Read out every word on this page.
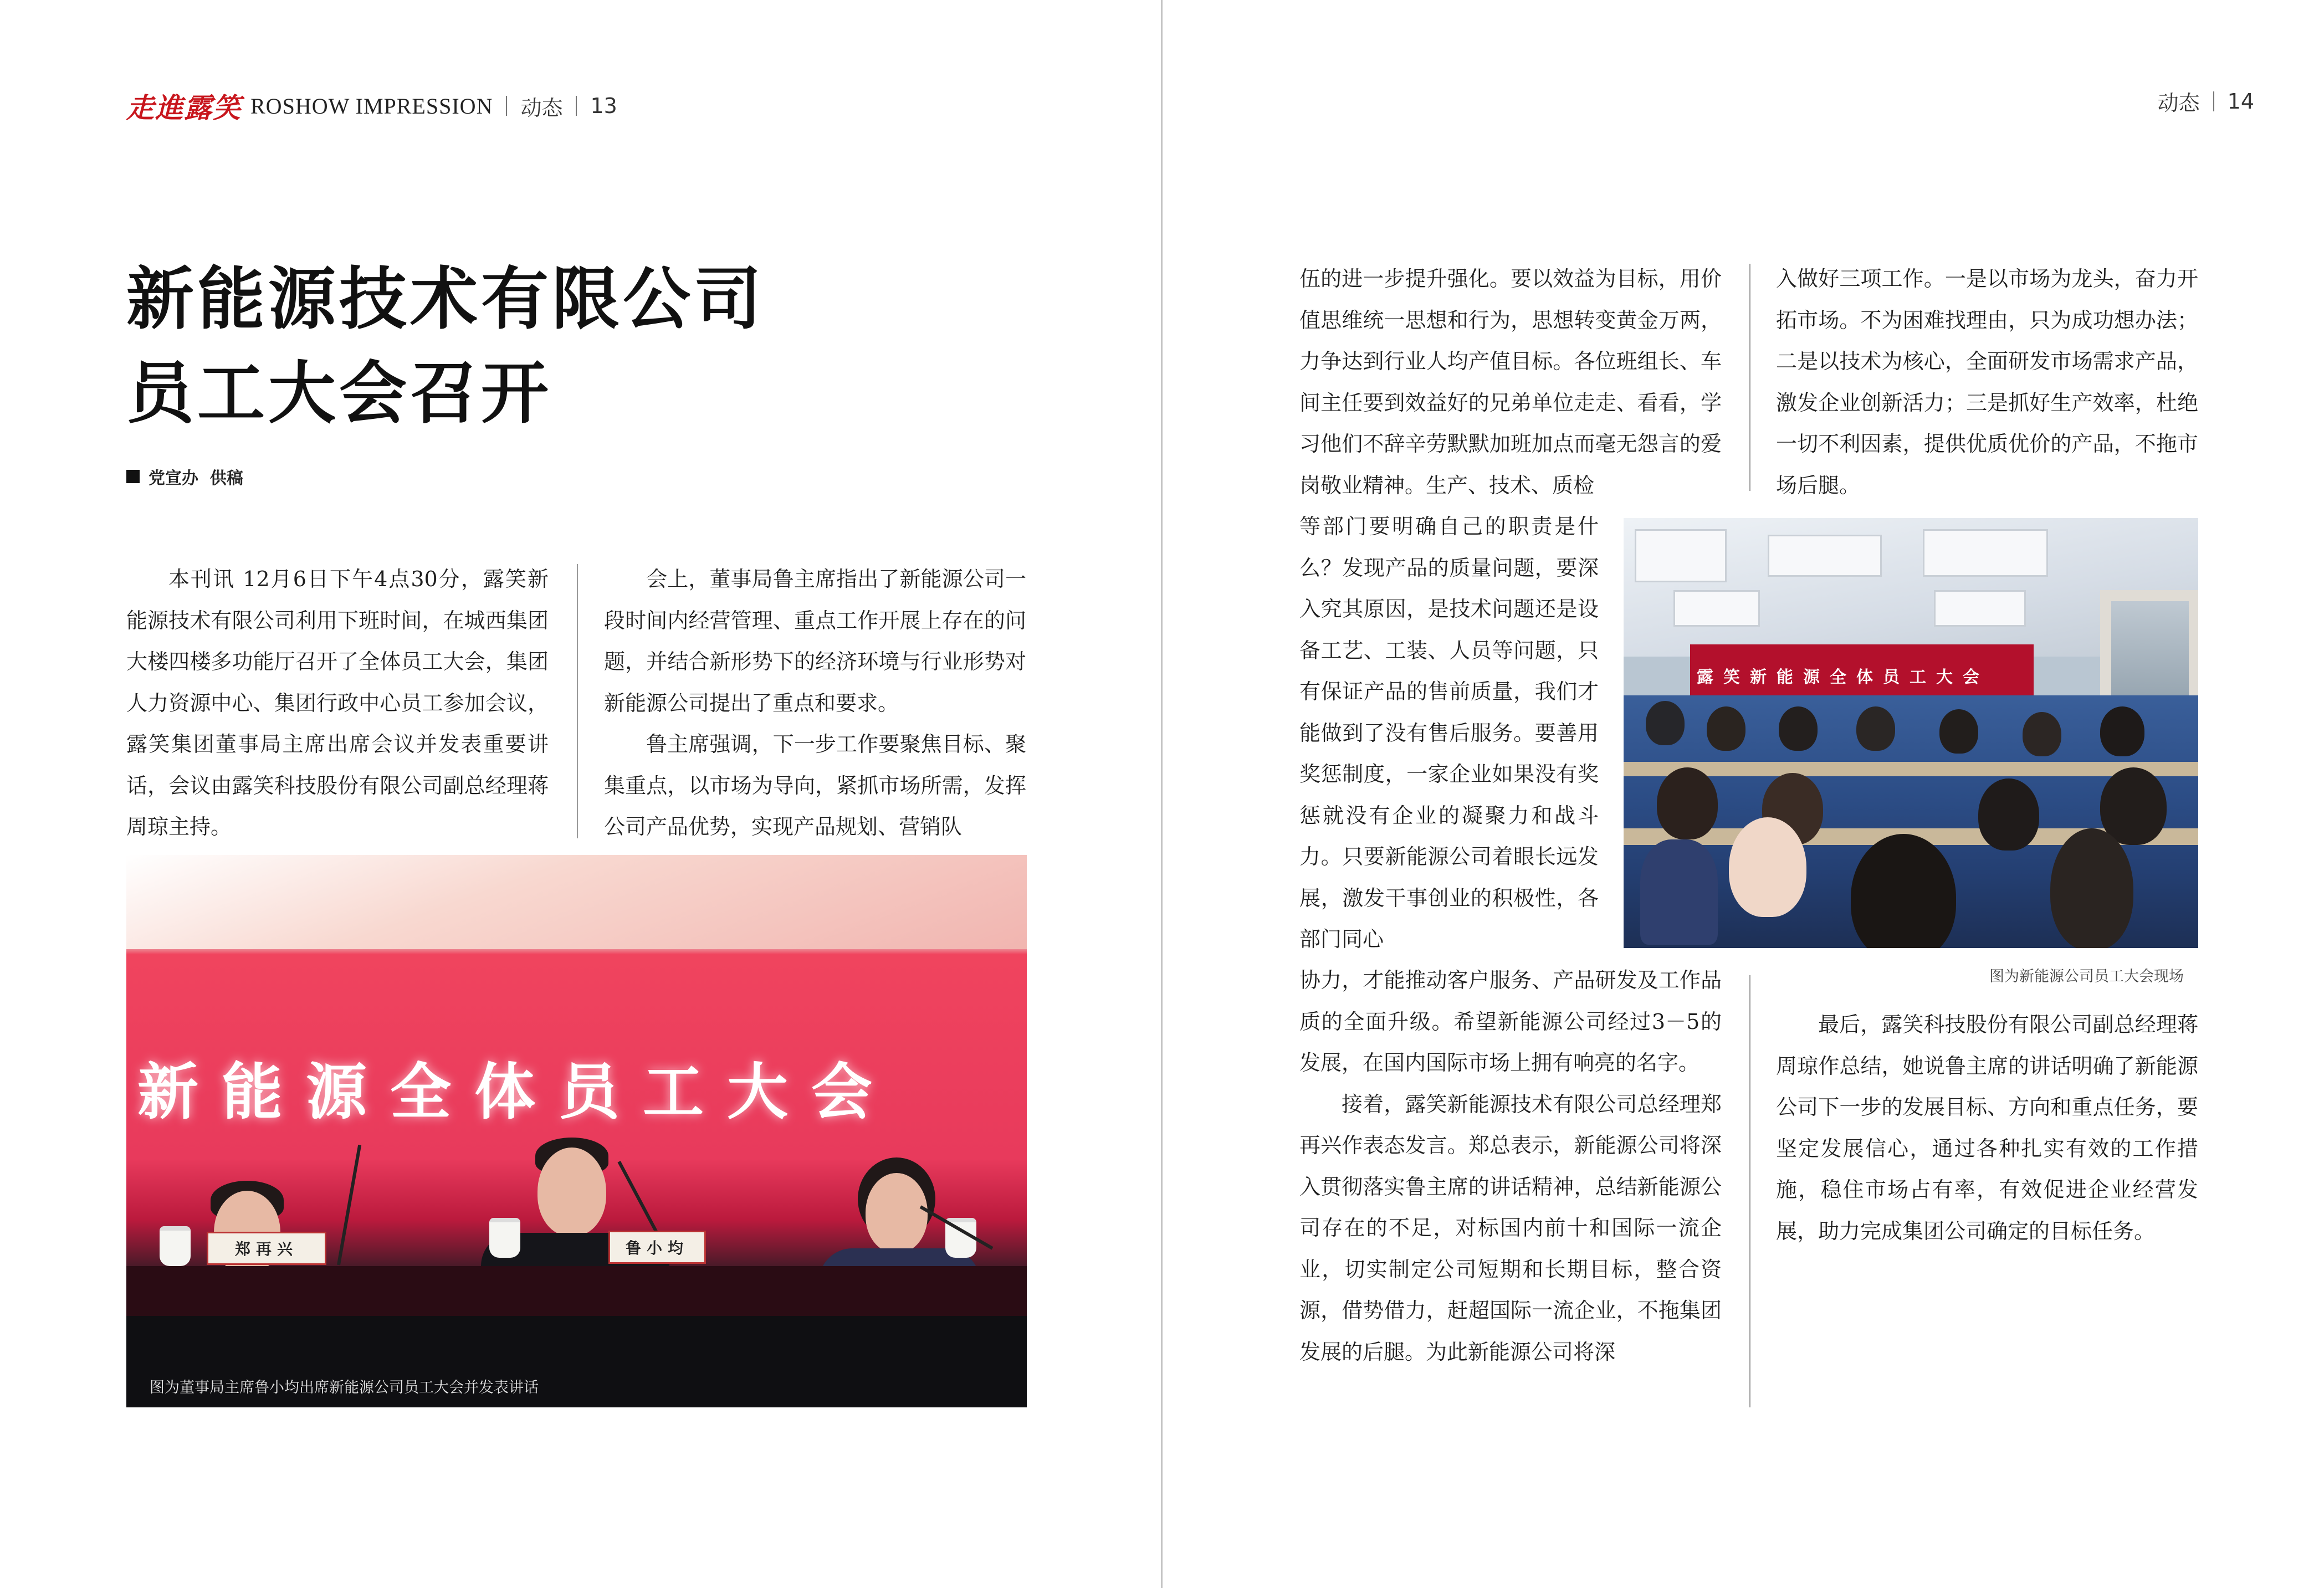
走進露笑 ROSHOW IMPRESSION 动态 13
新能源技术有限公司
员工大会召开
党宣办  供稿

本刊讯 12月6日下午4点30分，露笑新能源技术有限公司利用下班时间，在城西集团大楼四楼多功能厅召开了全体员工大会，集团人力资源中心、集团行政中心员工参加会议，露笑集团董事局主席出席会议并发表重要讲话，会议由露笑科技股份有限公司副总经理蒋周琼主持。

会上，董事局鲁主席指出了新能源公司一段时间内经营管理、重点工作开展上存在的问题，并结合新形势下的经济环境与行业形势对新能源公司提出了重点和要求。

鲁主席强调，下一步工作要聚焦目标、聚集重点，以市场为导向，紧抓市场所需，发挥公司产品优势，实现产品规划、营销队

新能源全体员工大会
郑再兴	鲁小均
图为董事局主席鲁小均出席新能源公司员工大会并发表讲话
动态 14

伍的进一步提升强化。要以效益为目标，用价值思维统一思想和行为，思想转变黄金万两，力争达到行业人均产值目标。各位班组长、车间主任要到效益好的兄弟单位走走、看看，学习他们不辞辛劳默默加班加点而毫无怨言的爱岗敬业精神。生产、技术、质检

等部门要明确自己的职责是什么？发现产品的质量问题，要深入究其原因，是技术问题还是设备工艺、工装、人员等问题，只有保证产品的售前质量，我们才能做到了没有售后服务。要善用奖惩制度，一家企业如果没有奖惩就没有企业的凝聚力和战斗力。只要新能源公司着眼长远发展，激发干事创业的积极性，各部门同心

协力，才能推动客户服务、产品研发及工作品质的全面升级。希望新能源公司经过3－5的发展，在国内国际市场上拥有响亮的名字。

接着，露笑新能源技术有限公司总经理郑再兴作表态发言。郑总表示，新能源公司将深入贯彻落实鲁主席的讲话精神，总结新能源公司存在的不足，对标国内前十和国际一流企业，切实制定公司短期和长期目标，整合资源，借势借力，赶超国际一流企业，不拖集团发展的后腿。为此新能源公司将深

入做好三项工作。一是以市场为龙头，奋力开拓市场。不为困难找理由，只为成功想办法；二是以技术为核心，全面研发市场需求产品，激发企业创新活力；三是抓好生产效率，杜绝一切不利因素，提供优质优价的产品，不拖市场后腿。

露笑新能源全体员工大会
图为新能源公司员工大会现场

最后，露笑科技股份有限公司副总经理蒋周琼作总结，她说鲁主席的讲话明确了新能源公司下一步的发展目标、方向和重点任务，要坚定发展信心，通过各种扎实有效的工作措施，稳住市场占有率，有效促进企业经营发展，助力完成集团公司确定的目标任务。
